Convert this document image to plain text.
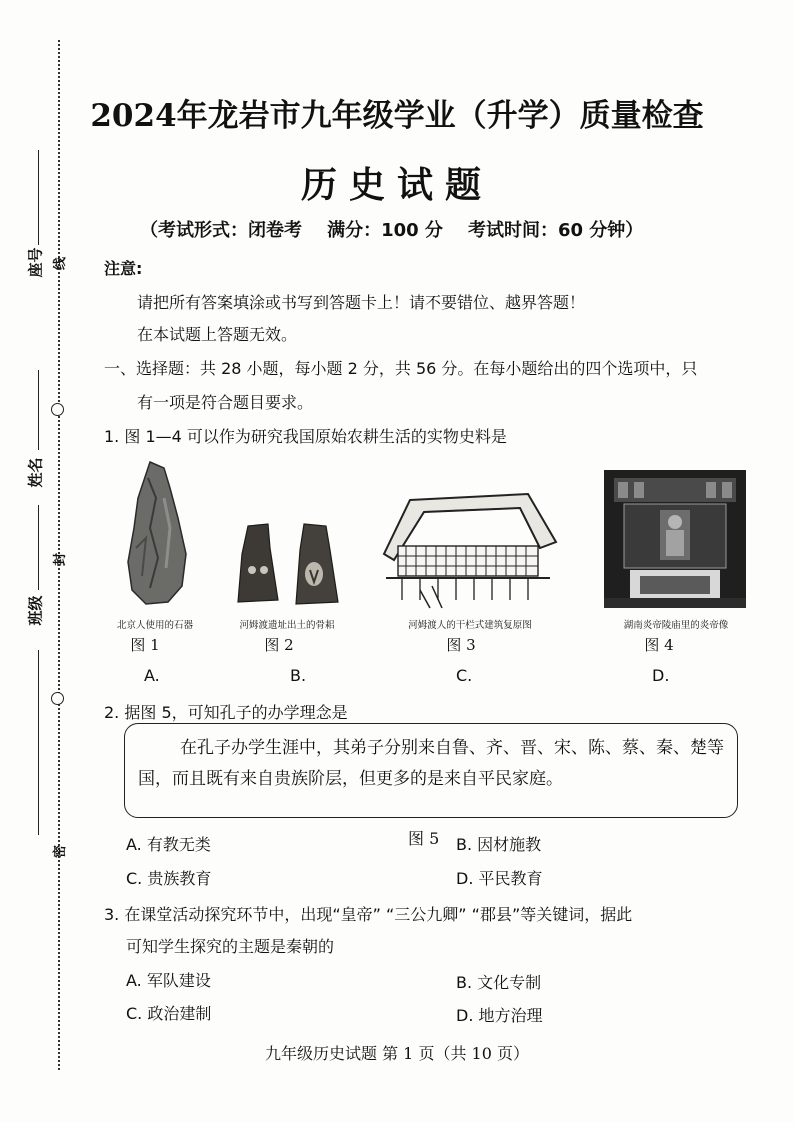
座号
姓名
班级
线
封
密
2024年龙岩市九年级学业（升学）质量检查
历史试题
（考试形式：闭卷考    满分：100 分    考试时间：60 分钟）
注意:
请把所有答案填涂或书写到答题卡上！请不要错位、越界答题！
在本试题上答题无效。
一、选择题：共 28 小题，每小题 2 分，共 56 分。在每小题给出的四个选项中，只
有一项是符合题目要求。
1. 图 1—4 可以作为研究我国原始农耕生活的实物史料是
北京人使用的石器
图 1
A.
河姆渡遗址出土的骨耜
图 2
B.
河姆渡人的干栏式建筑复原图
图 3
C.
湖南炎帝陵庙里的炎帝像
图 4
D.
2. 据图 5，可知孔子的办学理念是
在孔子办学生涯中，其弟子分别来自鲁、齐、晋、宋、陈、蔡、秦、楚等国，而且既有来自贵族阶层，但更多的是来自平民家庭。
图 5
A. 有教无类	B. 因材施教
C. 贵族教育	D. 平民教育
3. 在课堂活动探究环节中，出现“皇帝” “三公九卿” “郡县”等关键词，据此
可知学生探究的主题是秦朝的
A. 军队建设	B. 文化专制
C. 政治建制	D. 地方治理
九年级历史试题 第 1 页（共 10 页）
